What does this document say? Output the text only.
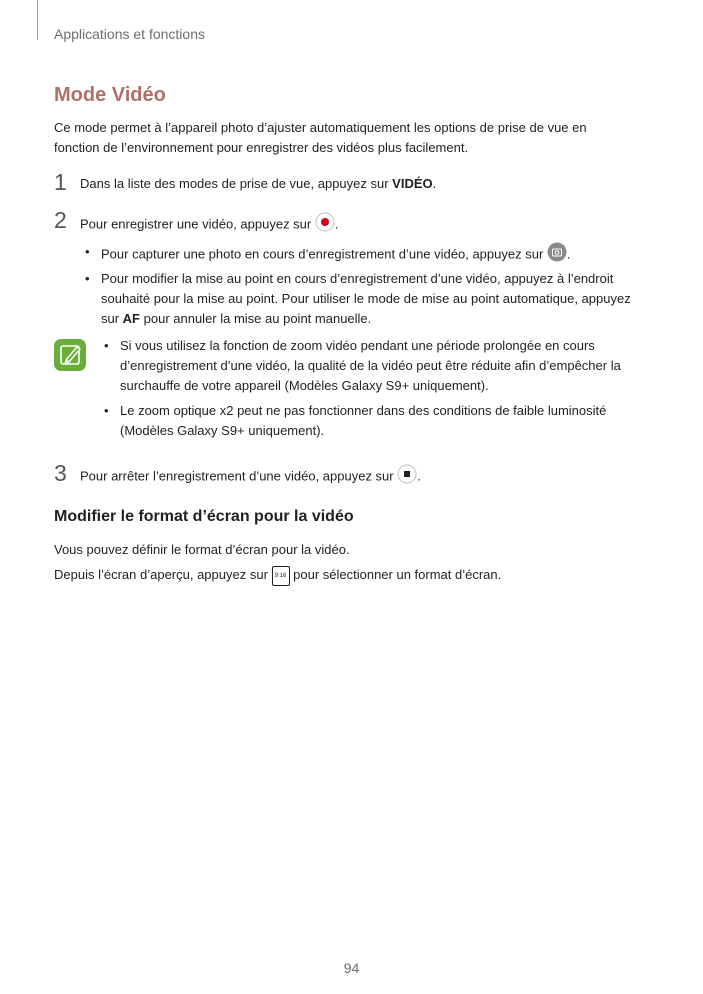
Applications et fonctions
Mode Vidéo
Ce mode permet à l’appareil photo d’ajuster automatiquement les options de prise de vue en
fonction de l’environnement pour enregistrer des vidéos plus facilement.
1 Dans la liste des modes de prise de vue, appuyez sur VIDÉO.
2 Pour enregistrer une vidéo, appuyez sur .
• Pour capturer une photo en cours d’enregistrement d’une vidéo, appuyez sur .
• Pour modifier la mise au point en cours d’enregistrement d’une vidéo, appuyez à l’endroit
souhaité pour la mise au point. Pour utiliser le mode de mise au point automatique, appuyez
sur AF pour annuler la mise au point manuelle.
• Si vous utilisez la fonction de zoom vidéo pendant une période prolongée en cours
d’enregistrement d’une vidéo, la qualité de la vidéo peut être réduite afin d’empêcher la
surchauffe de votre appareil (Modèles Galaxy S9+ uniquement).
• Le zoom optique x2 peut ne pas fonctionner dans des conditions de faible luminosité
(Modèles Galaxy S9+ uniquement).
3 Pour arrêter l’enregistrement d’une vidéo, appuyez sur .
Modifier le format d’écran pour la vidéo
Vous pouvez définir le format d’écran pour la vidéo.
Depuis l’écran d’aperçu, appuyez sur 9:16 pour sélectionner un format d’écran.
94
